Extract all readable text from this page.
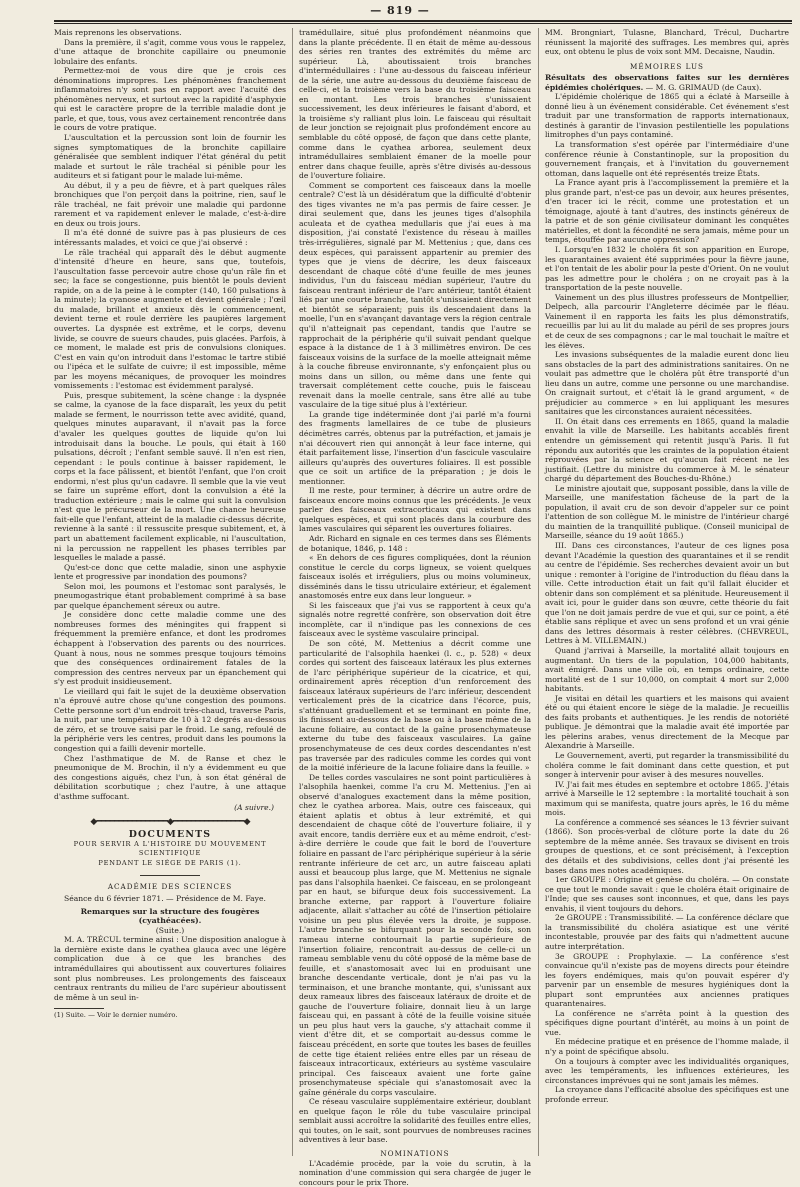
— 819 —

Mais reprenons les observations.

Dans la première, il s'agit, comme vous vous le rappelez, d'une attaque de bronchite capillaire ou pneumonie lobulaire des enfants.

Permettez-moi de vous dire que je crois ces dénominations impropres. Les phénomènes franchement inflammatoires n'y sont pas en rapport avec l'acuité des phénomènes nerveux, et surtout avec la rapidité d'asphyxie qui est le caractère propre de la terrible maladie dont je parle, et que, tous, vous avez certainement rencontrée dans le cours de votre pratique.

L'auscultation et la percussion sont loin de fournir les signes symptomatiques de la bronchite capillaire généralisée que semblent indiquer l'état général du petit malade et surtout le râle trachéal si pénible pour les auditeurs et si fatigant pour le malade lui-même.

Au début, il y a peu de fièvre, et à part quelques râles bronchiques que l'on perçoit dans la poitrine, rien, sauf le râle trachéal, ne fait prévoir une maladie qui pardonne rarement et va rapidement enlever le malade, c'est-à-dire en deux ou trois jours.

Il m'a été donné de suivre pas à pas plusieurs de ces intéressants malades, et voici ce que j'ai observé :

Le râle trachéal qui apparaît dès le début augmente d'intensité d'heure en heure, sans que, toutefois, l'auscultation fasse percevoir autre chose qu'un râle fin et sec; la face se congestionne, puis bientôt le pouls devient rapide, on a de la peine à le compter (140, 160 pulsations à la minute); la cyanose augmente et devient générale ; l'œil du malade, brillant et anxieux dès le commencement, devient terne et roule derrière les paupières largement ouvertes. La dyspnée est extrême, et le corps, devenu livide, se couvre de sueurs chaudes, puis glacées. Parfois, à ce moment, le malade est pris de convulsions cloniques. C'est en vain qu'on introduit dans l'estomac le tartre stibié ou l'ipéca et le sulfate de cuivre; il est impossible, même par les moyens mécaniques, de provoquer les moindres vomissements : l'estomac est évidemment paralysé.

Puis, presque subitement, la scène change : la dyspnée se calme, la cyanose de la face disparaît, les yeux du petit malade se ferment, le nourrisson tette avec avidité, quand, quelques minutes auparavant, il n'avait pas la force d'avaler les quelques gouttes de liquide qu'on lui introduisait dans la bouche. Le pouls, qui était à 160 pulsations, décroît ; l'enfant semble sauvé. Il n'en est rien, cependant : le pouls continue à baisser rapidement, le corps et la face pâlissent, et bientôt l'enfant, que l'on croit endormi, n'est plus qu'un cadavre. Il semble que la vie veut se faire un suprême effort, dont la convulsion a été la traduction extérieure ; mais le calme qui suit la convulsion n'est que le précurseur de la mort. Une chance heureuse fait-elle que l'enfant, atteint de la maladie ci-dessus décrite, revienne à la santé : il ressuscite presque subitement, et, à part un abattement facilement explicable, ni l'auscultation, ni la percussion ne rappellent les phases terribles par lesquelles le malade a passé.

Qu'est-ce donc que cette maladie, sinon une asphyxie lente et progressive par inondation des poumons?

Selon moi, les poumons et l'estomac sont paralysés, le pneumogastrique étant probablement comprimé à sa base par quelque épanchement séreux ou autre.

Je considère donc cette maladie comme une des nombreuses formes des méningites qui frappent si fréquemment la première enfance, et dont les prodromes échappent à l'observation des parents ou des nourrices. Quant à nous, nous ne sommes presque toujours témoins que des conséquences ordinairement fatales de la compression des centres nerveux par un épanchement qui s'y est produit insidieusement.

Le vieillard qui fait le sujet de la deuxième observation n'a éprouvé autre chose qu'une congestion des poumons. Cette personne sort d'un endroit très-chaud, traverse Paris, la nuit, par une température de 10 à 12 degrés au-dessous de zéro, et se trouve saisi par le froid. Le sang, refoulé de la périphérie vers les centres, produit dans les poumons la congestion qui a failli devenir mortelle.

Chez l'asthmatique de M. de Ranse et chez le pneumonique de M. Brochin, il n'y a évidemment eu que des congestions aiguës, chez l'un, à son état général de débilitation scorbutique ; chez l'autre, à une attaque d'asthme suffocant.

(A suivre.)

◆━━━━━━━━━━━━━━━━◆━━━━━━━━━━━━━━━━◆

DOCUMENTS

POUR SERVIR A L'HISTOIRE DU MOUVEMENT SCIENTIFIQUE

PENDANT LE SIÉGE DE PARIS (1).

ACADÉMIE DES SCIENCES

Séance du 6 février 1871. — Présidence de M. Faye.

Remarques sur la structure des fougères (cyathéacées).

(Suite.)

M. A. TRÉCUL termine ainsi : Une disposition analogue à la dernière existe dans le cyathea glauca avec une légère complication due à ce que les branches des intramédullaires qui aboutissent aux couvertures foliaires sont plus nombreuses. Les prolongements des faisceaux centraux rentrants du milieu de l'arc supérieur aboutissent de même à un seul in-

(1) Suite. — Voir le dernier numéro.

tramédullaire, situé plus profondément néanmoins que dans la plante précédente. Il en était de même au-dessous des séries ren trantes des extrémités du même arc supérieur. Là, aboutissaient trois branches d'intermédullaires : l'une au-dessous du faisceau inférieur de la série, une autre au-dessous du deuxième faisceau de celle-ci, et la troisième vers la base du troisième faisceau en montant. Les trois branches s'unissaient successivement, les deux inférieures le faisant d'abord, et la troisième s'y ralliant plus loin. Le faisceau qui résultait de leur jonction se rejoignait plus profondément encore au semblable du côté opposé, de façon que dans cette plante, comme dans le cyathea arborea, seulement deux intramédullaires semblaient émaner de la moelle pour entrer dans chaque feuille, après s'être divisés au-dessous de l'ouverture foliaire.

Comment se comportent ces faisceaux dans la moelle centrale? C'est là un désidératum que la difficulté d'obtenir des tiges vivantes ne m'a pas permis de faire cesser. Je dirai seulement que, dans les jeunes tiges d'alsophila aculeata et de cyathea medullaris que j'ai eues à ma disposition, j'ai constaté l'existence du réseau à mailles très-irrégulières, signalé par M. Mettenius ; que, dans ces deux espèces, qui paraissent appartenir au premier des types que je viens de décrire, les deux faisceaux descendant de chaque côté d'une feuille de mes jeunes individus, l'un du faisceau médian supérieur, l'autre du faisceau rentrant inférieur de l'arc antérieur, tantôt étaient liés par une courte branche, tantôt s'unissaient directement et bientôt se séparaient; puis ils descendaient dans la moelle, l'un en s'avançant davantage vers la région centrale qu'il n'atteignait pas cependant, tandis que l'autre se rapprochait de la périphérie qu'il suivait pendant quelque espace à la distance de 1 à 3 millimètres environ. De ces faisceaux voisins de la surface de la moelle atteignait même à la couche fibreuse environnante, s'y enfonçaient plus ou moins dans un sillon, ou même dans une fente qui traversait complétement cette couche, puis le faisceau revenait dans la moelle centrale, sans être allé au tube vasculaire de la tige situé plus à l'extérieur.

La grande tige indéterminée dont j'ai parlé m'a fourni des fragments lamellaires de ce tube de plusieurs décimètres carrés, obtenus par la putréfaction, et jamais je n'ai découvert rien qui annonçât à leur face interne, qui était parfaitement lisse, l'insertion d'un fascicule vasculaire ailleurs qu'auprès des ouvertures foliaires. Il est possible que ce soit un artifice de la préparation ; je dois le mentionner.

Il me reste, pour terminer, à décrire un autre ordre de faisceaux encore moins connus que les précédents. Je veux parler des faisceaux extracorticaux qui existent dans quelques espèces, et qui sont placés dans la courbure des lames vasculaires qui séparent les ouvertures foliaires.

Adr. Richard en signale en ces termes dans ses Éléments de botanique, 1846, p. 148 :

« En dehors de ces figures compliquées, dont la réunion constitue le cercle du corps ligneux, se voient quelques faisceaux isolés et irréguliers, plus ou moins volumineux, disséminés dans le tissu utriculaire extérieur, et également anastomosés entre eux dans leur longueur. »

Si les faisceaux que j'ai vus se rapportent à ceux qu'a signalés notre regretté confrère, son observation doit être incomplète, car il n'indique pas les connexions de ces faisceaux avec le système vasculaire principal.

De son côté, M. Mettenius a décrit comme une particularité de l'alsophila haenkei (l. c., p. 528) « deux cordes qui sortent des faisceaux latéraux les plus externes de l'arc périphérique supérieur de la cicatrice, et qui, ordinairement après réception d'un renforcement des faisceaux latéraux supérieurs de l'arc inférieur, descendent verticalement près de la cicatrice dans l'écorce, puis, s'atténuant graduellement et se terminant en pointe fine, ils finissent au-dessous de la base ou à la base même de la lacune foliaire, au contact de la gaîne prosenchymateuse externe du tube des faisceaux vasculaires. La gaîne prosenchymateuse de ces deux cordes descendantes n'est pas traversée par des radicules comme les cordes qui vont de la moitié inférieure de la lacune foliaire dans la feuille. »

De telles cordes vasculaires ne sont point particulières à l'alsophila haenkei, comme l'a cru M. Mettenius. J'en ai observé d'analogues exactement dans la même position, chez le cyathea arborea. Mais, outre ces faisceaux, qui étaient aplatis et obtus à leur extrémité, et qui descendaient de chaque côté de l'ouverture foliaire, il y avait encore, tandis derrière eux et au même endroit, c'est-à-dire derrière le coude que fait le bord de l'ouverture foliaire en passant de l'arc périphérique supérieur à la série rentrante inférieure de cet arc, un autre faisceau aplati aussi et beaucoup plus large, que M. Mettenius ne signale pas dans l'alsophila haenkei. Ce faisceau, en se prolongeant par en haut, se bifurque deux fois successivement. La branche externe, par rapport à l'ouverture foliaire adjacente, allait s'attacher au côté de l'insertion pétiolaire voisine un peu plus élevée vers la droite, je suppose. L'autre branche se bifurquant pour la seconde fois, son rameau interne contournait la partie supérieure de l'insertion foliaire, rencontrait au-dessus de celle-ci un rameau semblable venu du côté opposé de la même base de feuille, et s'anastomosait avec lui en produisant une branche descendante verticale, dont je n'ai pas vu la terminaison, et une branche montante, qui, s'unissant aux deux rameaux libres des faisceaux latéraux de droite et de gauche de l'ouverture foliaire, donnait lieu à un large faisceau qui, en passant à côté de la feuille voisine située un peu plus haut vers la gauche, s'y attachait comme il vient d'être dit, et se comportait au-dessus comme le faisceau précédent, en sorte que toutes les bases de feuilles de cette tige étaient reliées entre elles par un réseau de faisceaux intracorticaux, extérieurs au système vasculaire principal. Ces faisceaux avaient une forte gaîne prosenchymateuse spéciale qui s'anastomosait avec la gaîne générale du corps vasculaire.

Ce réseau vasculaire supplémentaire extérieur, doublant en quelque façon le rôle du tube vasculaire principal semblait aussi accroître la solidarité des feuilles entre elles, qui toutes, on le sait, sont pourvues de nombreuses racines adventives à leur base.

NOMINATIONS

L'Académie procède, par la voie du scrutin, à la nomination d'une commission qui sera chargée de juger le concours pour le prix Thore.

MM. Brongniart, Tulasne, Blanchard, Trécul, Duchartre réunissent la majorité des suffrages. Les membres qui, après eux, ont obtenu le plus de voix sont MM. Decaisne, Naudin.

MÉMOIRES LUS

Résultats des observations faites sur les dernières épidémies cholériques. — M. G. GRIMAUD (de Caux).

L'épidémie cholérique de 1865 qui a éclaté à Marseille à donné lieu à un événement considérable. Cet événement s'est traduit par une transformation de rapports internationaux, destinés à garantir de l'invasion pestilentielle les populations limitrophes d'un pays contaminé.

La transformation s'est opérée par l'intermédiaire d'une conférence réunie à Constantinople, sur la proposition du gouvernement français, et à l'invitation du gouvernement ottoman, dans laquelle ont été représentés treize États.

La France ayant pris à l'accomplissement la première et la plus grande part, n'est-ce pas un devoir, aux heures présentes, d'en tracer ici le récit, comme une protestation et un témoignage, ajouté à tant d'autres, des instincts généreux de la patrie et de son génie civilisateur dominant les conquêtes matérielles, et dont la fécondité ne sera jamais, même pour un temps, étouffée par aucune oppression?

I. Lorsqu'en 1832 le choléra fit son apparition en Europe, les quarantaines avaient été supprimées pour la fièvre jaune, et l'on tentait de les abolir pour la peste d'Orient. On ne voulut pas les admettre pour le choléra ; on ne croyait pas à la transportation de la peste nouvelle.

Vainement un des plus illustres professeurs de Montpellier, Delpech, alla parcourir l'Angleterre décimée par le fléau. Vainement il en rapporta les faits les plus démonstratifs, recueillis par lui au lit du malade au péril de ses propres jours et de ceux de ses compagnons ; car le mal touchait le maître et les élèves.

Les invasions subséquentes de la maladie eurent donc lieu sans obstacles de la part des administrations sanitaires. On ne voulait pas admettre que le choléra pût être transporté d'un lieu dans un autre, comme une personne ou une marchandise. On craignait surtout, et c'était là le grand argument, « de préjudicier au commerce » en lui appliquant les mesures sanitaires que les circonstances auraient nécessitées.

II. On était dans ces errements en 1865, quand la maladie envahit la ville de Marseille. Les habitants accablés firent entendre un gémissement qui retentit jusqu'à Paris. Il fut répondu aux autorités que les craintes de la population étaient réprouvées par la science et qu'aucun fait récent ne les justifiait. (Lettre du ministre du commerce à M. le sénateur chargé du département des Bouches-du-Rhône.)

Le ministre ajoutait que, supposant possible, dans la ville de Marseille, une manifestation fâcheuse de la part de la population, il avait cru de son devoir d'appeler sur ce point l'attention de son collègue M. le ministre de l'intérieur chargé du maintien de la tranquillité publique. (Conseil municipal de Marseille, séance du 19 août 1865.)

III. Dans ces circonstances, l'auteur de ces lignes posa devant l'Académie la question des quarantaines et il se rendit au centre de l'épidémie. Ses recherches devaient avoir un but unique : remonter à l'origine de l'introduction du fléau dans la ville. Cette introduction était un fait qu'il fallait élucider et obtenir dans son complément et sa plénitude. Heureusement il avait ici, pour le guider dans son œuvre, cette théorie du fait que l'on ne doit jamais perdre de vue et qui, sur ce point, a été établie sans réplique et avec un sens profond et un vrai génie dans des lettres désormais à rester célèbres. (CHEVREUL, Lettres à M. VILLEMAIN.)

Quand j'arrivai à Marseille, la mortalité allait toujours en augmentant. Un tiers de la population, 104,000 habitants, avait émigré. Dans une ville où, en temps ordinaire, cette mortalité est de 1 sur 10,000, on comptait 4 mort sur 2,000 habitants.

Je visitai en détail les quartiers et les maisons qui avaient été ou qui étaient encore le siège de la maladie. Je recueillis des faits probants et authentiques. Je les rendis de notoriété publique. Je démontrai que la maladie avait été importée par les pèlerins arabes, venus directement de la Mecque par Alexandrie à Marseille.

Le Gouvernement, averti, put regarder la transmissibilité du choléra comme le fait dominant dans cette question, et put songer à intervenir pour aviser à des mesures nouvelles.

IV. J'ai fait mes études en septembre et octobre 1865. J'étais arrivé à Marseille le 12 septembre : la mortalité touchait à son maximum qui se manifesta, quatre jours après, le 16 du même mois.

La conférence a commencé ses séances le 13 février suivant (1866). Son procès-verbal de clôture porte la date du 26 septembre de la même année. Ses travaux se divisent en trois groupes de questions, et ce sont précisément, à l'exception des détails et des subdivisions, celles dont j'ai présenté les bases dans mes notes académiques.

1er GROUPE : Origine et genèse du choléra. — On constate ce que tout le monde savait : que le choléra était originaire de l'Inde; que ses causes sont inconnues, et que, dans les pays envahis, il vient toujours du dehors.

2e GROUPE : Transmissibilité. — La conférence déclare que la transmissibilité du choléra asiatique est une vérité incontestable, prouvée par des faits qui n'admettent aucune autre interprétation.

3e GROUPE : Prophylaxie. — La conférence s'est convaincue qu'il n'existe pas de moyens directs pour éteindre les foyers endémiques, mais qu'on pouvait espérer d'y parvenir par un ensemble de mesures hygiéniques dont la plupart sont empruntées aux anciennes pratiques quarantenaires.

La conférence ne s'arrêta point à la question des spécifiques digne pourtant d'intérêt, au moins à un point de vue.

En médecine pratique et en présence de l'homme malade, il n'y a point de spécifique absolu.

On a toujours à compter avec les individualités organiques, avec les tempéraments, les influences extérieures, les circonstances imprévues qui ne sont jamais les mêmes.

La croyance dans l'efficacité absolue des spécifiques est une profonde erreur.
